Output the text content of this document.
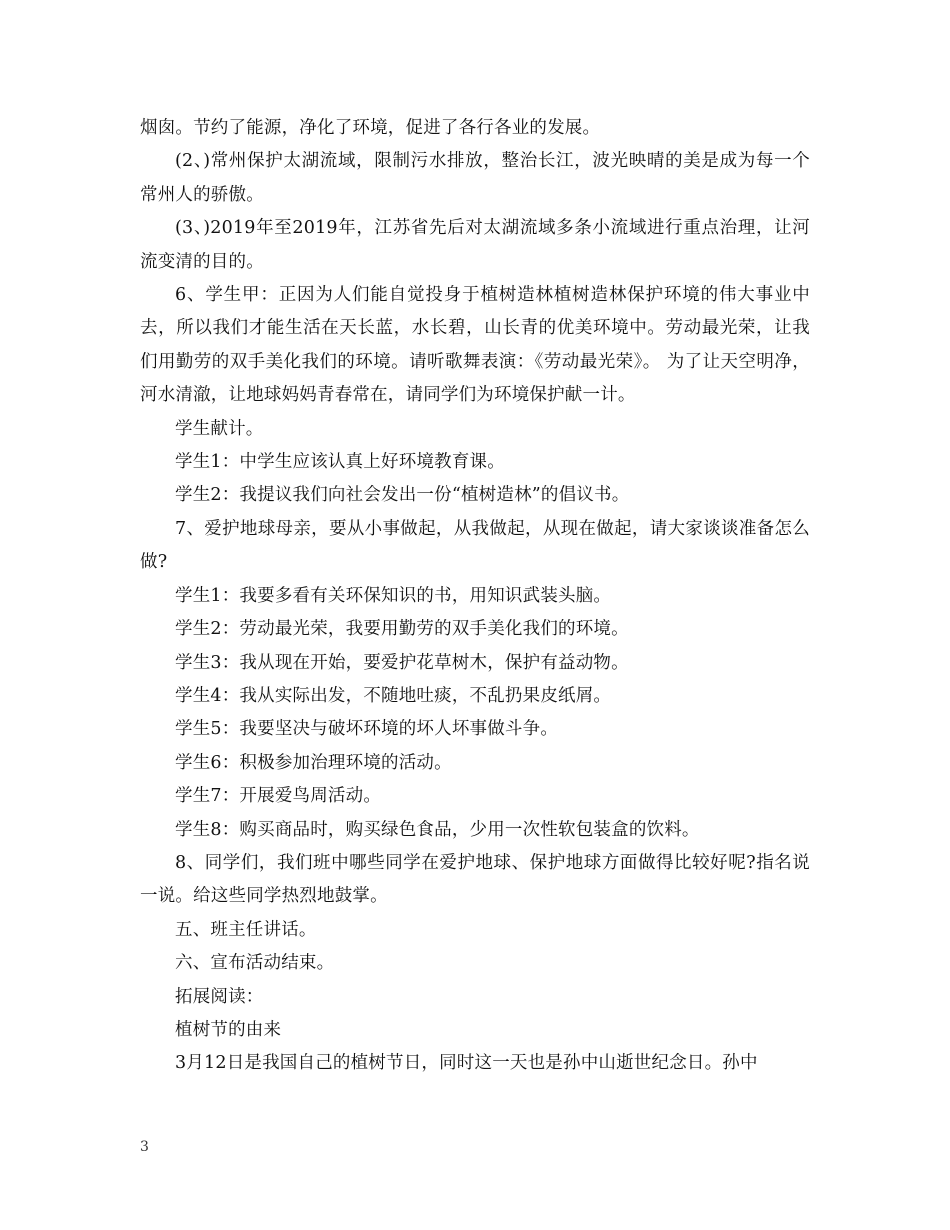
烟囱。节约了能源，净化了环境，促进了各行各业的发展。

(2、)常州保护太湖流域，限制污水排放，整治长江，波光映晴的美是成为每一个常州人的骄傲。

(3、)2019年至2019年，江苏省先后对太湖流域多条小流域进行重点治理，让河流变清的目的。

6、学生甲：正因为人们能自觉投身于植树造林植树造林保护环境的伟大事业中去，所以我们才能生活在天长蓝，水长碧，山长青的优美环境中。劳动最光荣，让我们用勤劳的双手美化我们的环境。请听歌舞表演：《劳动最光荣》。 为了让天空明净，河水清澈，让地球妈妈青春常在，请同学们为环境保护献一计。

学生献计。

学生1：中学生应该认真上好环境教育课。

学生2：我提议我们向社会发出一份“植树造林”的倡议书。

7、爱护地球母亲，要从小事做起，从我做起，从现在做起，请大家谈谈准备怎么做?

学生1：我要多看有关环保知识的书，用知识武装头脑。

学生2：劳动最光荣，我要用勤劳的双手美化我们的环境。

学生3：我从现在开始，要爱护花草树木，保护有益动物。

学生4：我从实际出发，不随地吐痰，不乱扔果皮纸屑。

学生5：我要坚决与破坏环境的坏人坏事做斗争。

学生6：积极参加治理环境的活动。

学生7：开展爱鸟周活动。

学生8：购买商品时，购买绿色食品，少用一次性软包装盒的饮料。

8、同学们，我们班中哪些同学在爱护地球、保护地球方面做得比较好呢?指名说一说。给这些同学热烈地鼓掌。

五、班主任讲话。

六、宣布活动结束。

拓展阅读：

植树节的由来

3月12日是我国自己的植树节日，同时这一天也是孙中山逝世纪念日。孙中

3
